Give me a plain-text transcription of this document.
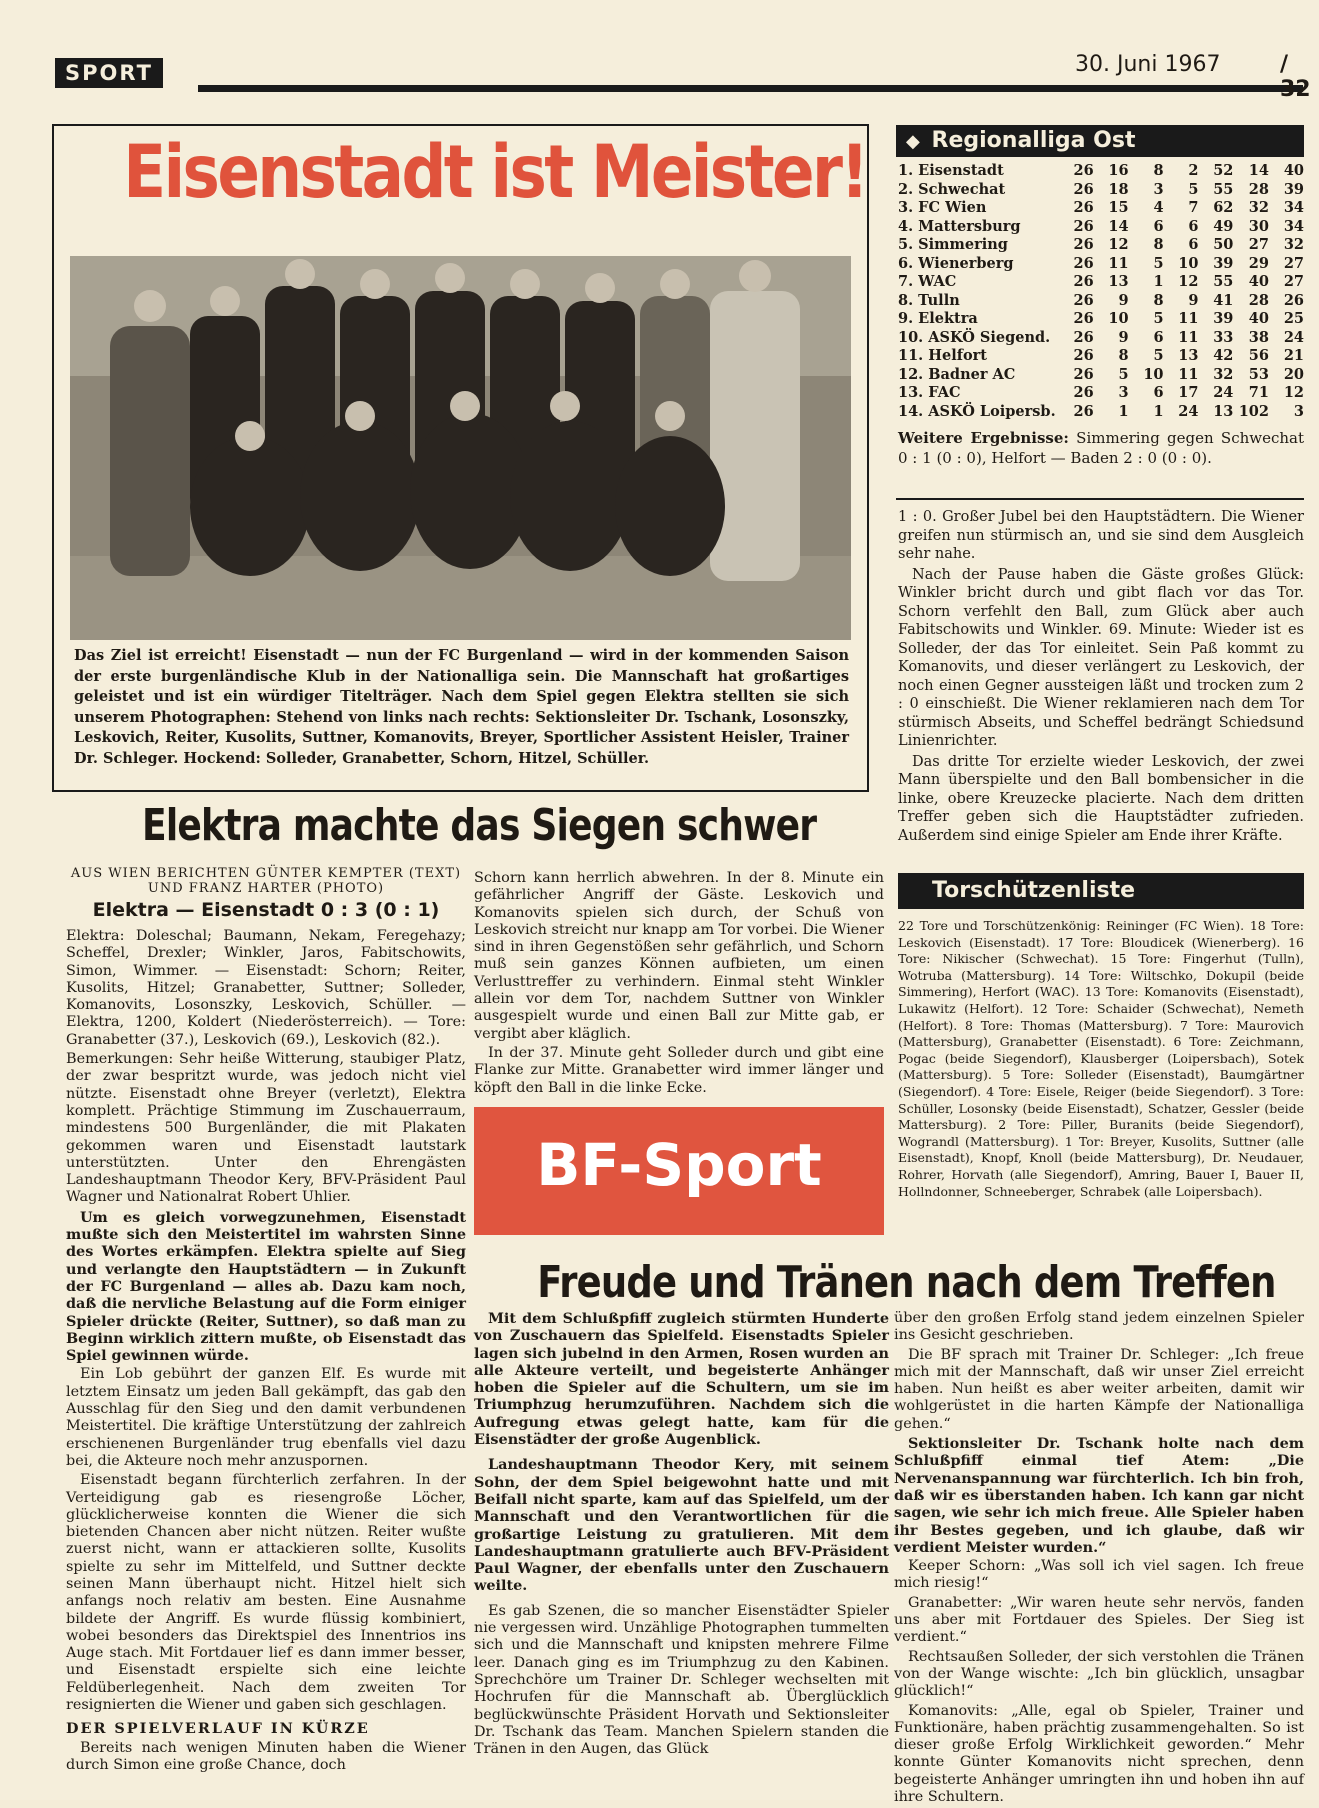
SPORT	30. Juni 1967	/ 32
Eisenstadt ist Meister!
Das Ziel ist erreicht! Eisenstadt — nun der FC Burgenland — wird in der kommenden Saison der erste burgenländische Klub in der Nationalliga sein. Die Mannschaft hat großartiges geleistet und ist ein würdiger Titelträger. Nach dem Spiel gegen Elektra stellten sie sich unserem Photographen: Stehend von links nach rechts: Sektionsleiter Dr. Tschank, Losonszky, Leskovich, Reiter, Kusolits, Suttner, Komanovits, Breyer, Sportlicher Assistent Heisler, Trainer Dr. Schleger. Hockend: Solleder, Granabetter, Schorn, Hitzel, Schüller.
◆ Regionalliga Ost
1. Eisenstadt	26	16	8	2	52	14	40
2. Schwechat	26	18	3	5	55	28	39
3. FC Wien	26	15	4	7	62	32	34
4. Mattersburg	26	14	6	6	49	30	34
5. Simmering	26	12	8	6	50	27	32
6. Wienerberg	26	11	5	10	39	29	27
7. WAC	26	13	1	12	55	40	27
8. Tulln	26	9	8	9	41	28	26
9. Elektra	26	10	5	11	39	40	25
10. ASKÖ Siegend.	26	9	6	11	33	38	24
11. Helfort	26	8	5	13	42	56	21
12. Badner AC	26	5	10	11	32	53	20
13. FAC	26	3	6	17	24	71	12
14. ASKÖ Loipersb.	26	1	1	24	13	102	3
Weitere Ergebnisse: Simmering gegen Schwechat 0 : 1 (0 : 0), Helfort — Baden 2 : 0 (0 : 0).

1 : 0. Großer Jubel bei den Hauptstädtern. Die Wiener greifen nun stürmisch an, und sie sind dem Ausgleich sehr nahe.

Nach der Pause haben die Gäste großes Glück: Winkler bricht durch und gibt flach vor das Tor. Schorn verfehlt den Ball, zum Glück aber auch Fabitschowits und Winkler. 69. Minute: Wieder ist es Solleder, der das Tor einleitet. Sein Paß kommt zu Komanovits, und dieser verlängert zu Leskovich, der noch einen Gegner aussteigen läßt und trocken zum 2 : 0 einschießt. Die Wiener reklamieren nach dem Tor stürmisch Abseits, und Scheffel bedrängt Schiedsund Linienrichter.

Das dritte Tor erzielte wieder Leskovich, der zwei Mann überspielte und den Ball bombensicher in die linke, obere Kreuzecke placierte. Nach dem dritten Treffer geben sich die Hauptstädter zufrieden. Außerdem sind einige Spieler am Ende ihrer Kräfte.

Torschützenliste
22 Tore und Torschützenkönig: Reininger (FC Wien). 18 Tore: Leskovich (Eisenstadt). 17 Tore: Bloudicek (Wienerberg). 16 Tore: Nikischer (Schwechat). 15 Tore: Fingerhut (Tulln), Wotruba (Mattersburg). 14 Tore: Wiltschko, Dokupil (beide Simmering), Herfort (WAC). 13 Tore: Komanovits (Eisenstadt), Lukawitz (Helfort). 12 Tore: Schaider (Schwechat), Nemeth (Helfort). 8 Tore: Thomas (Mattersburg). 7 Tore: Maurovich (Mattersburg), Granabetter (Eisenstadt). 6 Tore: Zeichmann, Pogac (beide Siegendorf), Klausberger (Loipersbach), Sotek (Mattersburg). 5 Tore: Solleder (Eisenstadt), Baumgärtner (Siegendorf). 4 Tore: Eisele, Reiger (beide Siegendorf). 3 Tore: Schüller, Losonsky (beide Eisenstadt), Schatzer, Gessler (beide Mattersburg). 2 Tore: Piller, Buranits (beide Siegendorf), Wograndl (Mattersburg). 1 Tor: Breyer, Kusolits, Suttner (alle Eisenstadt), Knopf, Knoll (beide Mattersburg), Dr. Neudauer, Rohrer, Horvath (alle Siegendorf), Amring, Bauer I, Bauer II, Hollndonner, Schneeberger, Schrabek (alle Loipersbach).
Elektra machte das Siegen schwer
AUS WIEN BERICHTEN GÜNTER KEMPTER (TEXT) UND FRANZ HARTER (PHOTO)
Elektra — Eisenstadt 0 : 3 (0 : 1)

Elektra: Doleschal; Baumann, Nekam, Feregehazy; Scheffel, Drexler; Winkler, Jaros, Fabitschowits, Simon, Wimmer. — Eisenstadt: Schorn; Reiter, Kusolits, Hitzel; Granabetter, Suttner; Solleder, Komanovits, Losonszky, Leskovich, Schüller. — Elektra, 1200, Koldert (Niederösterreich). — Tore: Granabetter (37.), Leskovich (69.), Leskovich (82.).

Bemerkungen: Sehr heiße Witterung, staubiger Platz, der zwar bespritzt wurde, was jedoch nicht viel nützte. Eisenstadt ohne Breyer (verletzt), Elektra komplett. Prächtige Stimmung im Zuschauerraum, mindestens 500 Burgenländer, die mit Plakaten gekommen waren und Eisenstadt lautstark unterstützten. Unter den Ehrengästen Landeshauptmann Theodor Kery, BFV-Präsident Paul Wagner und Nationalrat Robert Uhlier.

Um es gleich vorwegzunehmen, Eisenstadt mußte sich den Meistertitel im wahrsten Sinne des Wortes erkämpfen. Elektra spielte auf Sieg und verlangte den Hauptstädtern — in Zukunft der FC Burgenland — alles ab. Dazu kam noch, daß die nervliche Belastung auf die Form einiger Spieler drückte (Reiter, Suttner), so daß man zu Beginn wirklich zittern mußte, ob Eisenstadt das Spiel gewinnen würde.

Ein Lob gebührt der ganzen Elf. Es wurde mit letztem Einsatz um jeden Ball gekämpft, das gab den Ausschlag für den Sieg und den damit verbundenen Meistertitel. Die kräftige Unterstützung der zahlreich erschienenen Burgenländer trug ebenfalls viel dazu bei, die Akteure noch mehr anzuspornen.

Eisenstadt begann fürchterlich zerfahren. In der Verteidigung gab es riesengroße Löcher, glücklicherweise konnten die Wiener die sich bietenden Chancen aber nicht nützen. Reiter wußte zuerst nicht, wann er attackieren sollte, Kusolits spielte zu sehr im Mittelfeld, und Suttner deckte seinen Mann überhaupt nicht. Hitzel hielt sich anfangs noch relativ am besten. Eine Ausnahme bildete der Angriff. Es wurde flüssig kombiniert, wobei besonders das Direktspiel des Innentrios ins Auge stach. Mit Fortdauer lief es dann immer besser, und Eisenstadt erspielte sich eine leichte Feldüberlegenheit. Nach dem zweiten Tor resignierten die Wiener und gaben sich geschlagen.

DER SPIELVERLAUF IN KÜRZE

Bereits nach wenigen Minuten haben die Wiener durch Simon eine große Chance, doch

Schorn kann herrlich abwehren. In der 8. Minute ein gefährlicher Angriff der Gäste. Leskovich und Komanovits spielen sich durch, der Schuß von Leskovich streicht nur knapp am Tor vorbei. Die Wiener sind in ihren Gegenstößen sehr gefährlich, und Schorn muß sein ganzes Können aufbieten, um einen Verlusttreffer zu verhindern. Einmal steht Winkler allein vor dem Tor, nachdem Suttner von Winkler ausgespielt wurde und einen Ball zur Mitte gab, er vergibt aber kläglich.

In der 37. Minute geht Solleder durch und gibt eine Flanke zur Mitte. Granabetter wird immer länger und köpft den Ball in die linke Ecke.

BF-Sport
Freude und Tränen nach dem Treffen

Mit dem Schlußpfiff zugleich stürmten Hunderte von Zuschauern das Spielfeld. Eisenstadts Spieler lagen sich jubelnd in den Armen, Rosen wurden an alle Akteure verteilt, und begeisterte Anhänger hoben die Spieler auf die Schultern, um sie im Triumphzug herumzuführen. Nachdem sich die Aufregung etwas gelegt hatte, kam für die Eisenstädter der große Augenblick.

Landeshauptmann Theodor Kery, mit seinem Sohn, der dem Spiel beigewohnt hatte und mit Beifall nicht sparte, kam auf das Spielfeld, um der Mannschaft und den Verantwortlichen für die großartige Leistung zu gratulieren. Mit dem Landeshauptmann gratulierte auch BFV-Präsident Paul Wagner, der ebenfalls unter den Zuschauern weilte.

Es gab Szenen, die so mancher Eisenstädter Spieler nie vergessen wird. Unzählige Photographen tummelten sich und die Mannschaft und knipsten mehrere Filme leer. Danach ging es im Triumphzug zu den Kabinen. Sprechchöre um Trainer Dr. Schleger wechselten mit Hochrufen für die Mannschaft ab. Überglücklich beglückwünschte Präsident Horvath und Sektionsleiter Dr. Tschank das Team. Manchen Spielern standen die Tränen in den Augen, das Glück

über den großen Erfolg stand jedem einzelnen Spieler ins Gesicht geschrieben.

Die BF sprach mit Trainer Dr. Schleger: „Ich freue mich mit der Mannschaft, daß wir unser Ziel erreicht haben. Nun heißt es aber weiter arbeiten, damit wir wohlgerüstet in die harten Kämpfe der Nationalliga gehen.“

Sektionsleiter Dr. Tschank holte nach dem Schlußpfiff einmal tief Atem: „Die Nervenanspannung war fürchterlich. Ich bin froh, daß wir es überstanden haben. Ich kann gar nicht sagen, wie sehr ich mich freue. Alle Spieler haben ihr Bestes gegeben, und ich glaube, daß wir verdient Meister wurden.“

Keeper Schorn: „Was soll ich viel sagen. Ich freue mich riesig!“

Granabetter: „Wir waren heute sehr nervös, fanden uns aber mit Fortdauer des Spieles. Der Sieg ist verdient.“

Rechtsaußen Solleder, der sich verstohlen die Tränen von der Wange wischte: „Ich bin glücklich, unsagbar glücklich!“

Komanovits: „Alle, egal ob Spieler, Trainer und Funktionäre, haben prächtig zusammengehalten. So ist dieser große Erfolg Wirklichkeit geworden.“ Mehr konnte Günter Komanovits nicht sprechen, denn begeisterte Anhänger umringten ihn und hoben ihn auf ihre Schultern.
